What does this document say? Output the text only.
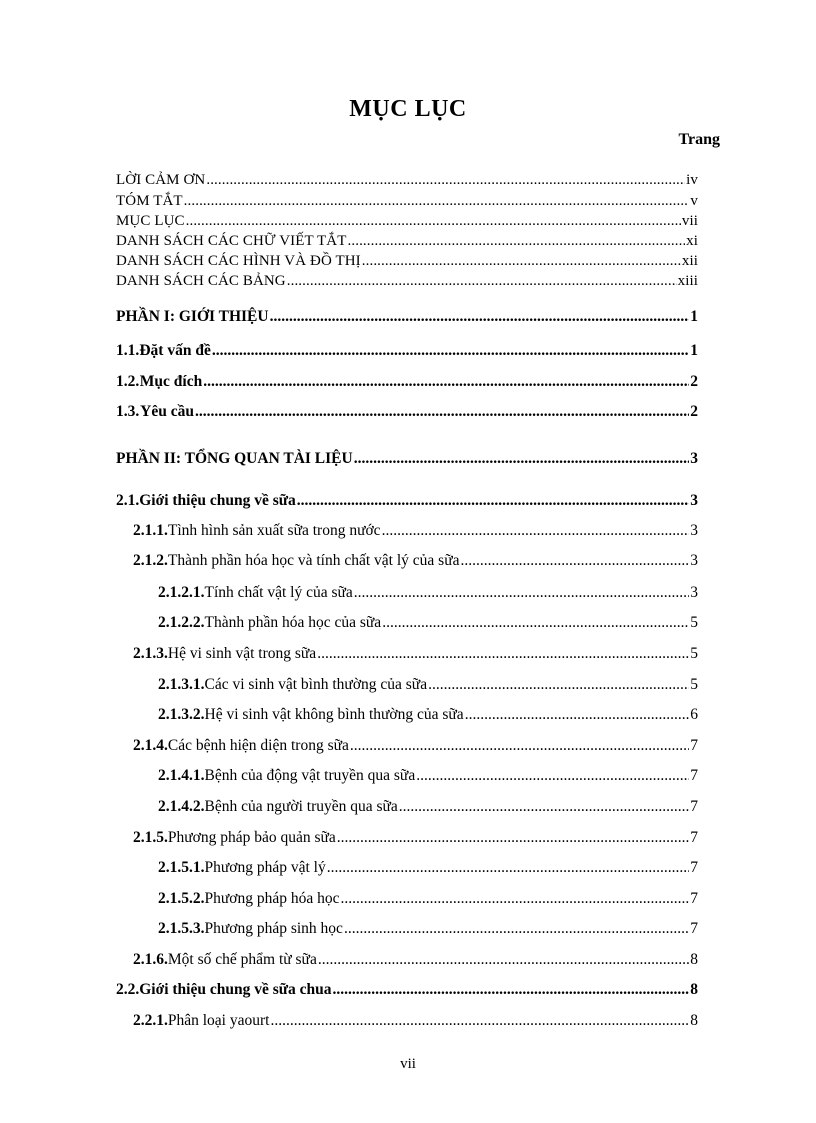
MỤC LỤC
Trang
LỜI CẢM ƠN .....	iv
TÓM TẮT .....	v
MỤC LỤC .....	vii
DANH SÁCH CÁC CHỮ VIẾT TẮT .....	xi
DANH SÁCH CÁC HÌNH VÀ ĐỒ THỊ .....	xii
DANH SÁCH CÁC BẢNG .....	xiii
PHẦN I: GIỚI THIỆU .....	1
1.1. Đặt vấn đề .....	1
1.2. Mục đích .....	2
1.3. Yêu cầu .....	2
PHẦN II: TỔNG QUAN TÀI LIỆU .....	3
2.1. Giới thiệu chung về sữa .....	3
2.1.1. Tình hình sản xuất sữa trong nước .....	3
2.1.2. Thành phần hóa học và tính chất vật lý của sữa .....	3
2.1.2.1. Tính chất vật lý của sữa .....	3
2.1.2.2. Thành phần hóa học của sữa .....	5
2.1.3. Hệ vi sinh vật trong sữa .....	5
2.1.3.1. Các vi sinh vật bình thường của sữa .....	5
2.1.3.2. Hệ vi sinh vật không bình thường của sữa .....	6
2.1.4. Các bệnh hiện diện trong sữa .....	7
2.1.4.1. Bệnh của động vật truyền qua sữa .....	7
2.1.4.2. Bệnh của người truyền qua sữa .....	7
2.1.5. Phương pháp bảo quản sữa .....	7
2.1.5.1. Phương pháp vật lý .....	7
2.1.5.2. Phương pháp hóa học .....	7
2.1.5.3. Phương pháp sinh học .....	7
2.1.6. Một số chế phẩm từ sữa .....	8
2.2. Giới thiệu chung về sữa chua .....	8
2.2.1. Phân loại yaourt .....	8
vii
